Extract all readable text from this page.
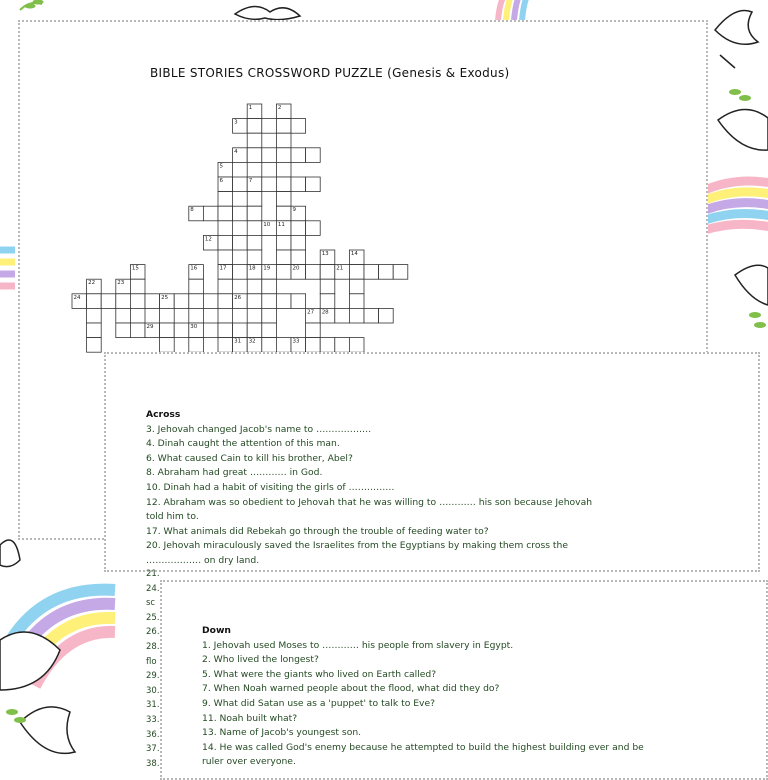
BIBLE STORIES CROSSWORD PUZZLE (Genesis & Exodus)
1	2
3
4
5
6	7
8	9
10 11
12
13	14
15	16	17	18 19	20	21
22	23
24	25	26
27 28
29	30
31 32	33
Across
3. Jehovah changed Jacob's name to ………………
4. Dinah caught the attention of this man.
6. What caused Cain to kill his brother, Abel?
8. Abraham had great ………… in God.
10. Dinah had a habit of visiting the girls of ……………
12. Abraham was so obedient to Jehovah that he was willing to ………… his son because Jehovah
told him to.
17. What animals did Rebekah go through the trouble of feeding water to?
20. Jehovah miraculously saved the Israelites from the Egyptians by making them cross the
……………… on dry land.
21.
24.
sc
25.
26.
28.
flo
29.
30.
31.
33.
36.
37.
38.
Down
1. Jehovah used Moses to ………… his people from slavery in Egypt.
2. Who lived the longest?
5. What were the giants who lived on Earth called?
7. When Noah warned people about the flood, what did they do?
9. What did Satan use as a 'puppet' to talk to Eve?
11. Noah built what?
13. Name of Jacob's youngest son.
14. He was called God's enemy because he attempted to build the highest building ever and be
ruler over everyone.
